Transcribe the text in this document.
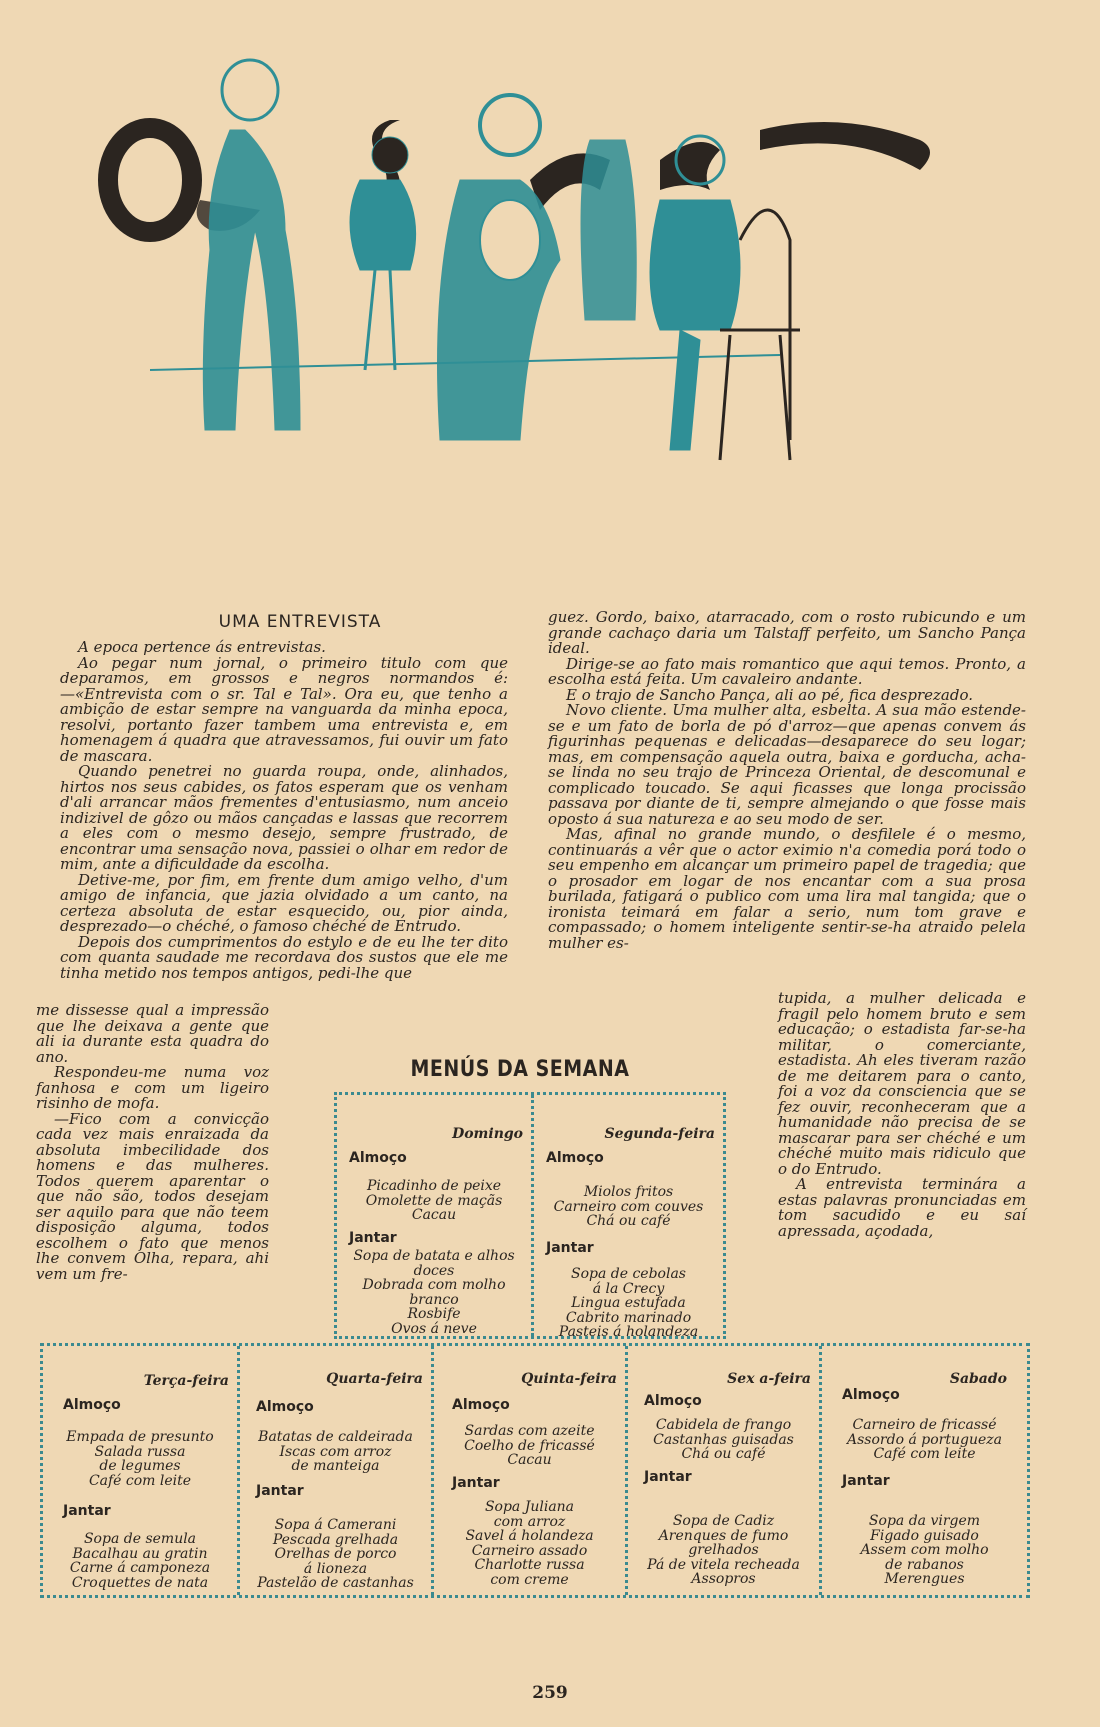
UMA ENTREVISTA

A epoca pertence ás entrevistas.

Ao pegar num jornal, o primeiro titulo com que deparamos, em grossos e negros normandos é:—«Entrevista com o sr. Tal e Tal». Ora eu, que tenho a ambição de estar sempre na vanguarda da minha epoca, resolvi, portanto fazer tambem uma entrevista e, em homenagem á quadra que atravessamos, fui ouvir um fato de mascara.

Quando penetrei no guarda roupa, onde, alinhados, hirtos nos seus cabides, os fatos esperam que os venham d'ali arrancar mãos frementes d'entusiasmo, num anceio indizivel de gôzo ou mãos cançadas e lassas que recorrem a eles com o mesmo desejo, sempre frustrado, de encontrar uma sensação nova, passiei o olhar em redor de mim, ante a dificuldade da escolha.

Detive-me, por fim, em frente dum amigo velho, d'um amigo de infancia, que jazia olvidado a um canto, na certeza absoluta de estar esquecido, ou, pior ainda, desprezado—o chéché, o famoso chéché de Entrudo.

Depois dos cumprimentos do estylo e de eu lhe ter dito com quanta saudade me recordava dos sustos que ele me tinha metido nos tempos antigos, pedi-lhe que

me dissesse qual a impressão que lhe deixava a gente que ali ia durante esta quadra do ano.

Respondeu-me numa voz fanhosa e com um ligeiro risinho de mofa.

—Fico com a convicção cada vez mais enraizada da absoluta imbecilidade dos homens e das mulheres. Todos querem aparentar o que não são, todos desejam ser aquilo para que não teem disposição alguma, todos escolhem o fato que menos lhe convem Olha, repara, ahi vem um fre-

guez. Gordo, baixo, atarracado, com o rosto rubicundo e um grande cachaço daria um Talstaff perfeito, um Sancho Pança ideal.

Dirige-se ao fato mais romantico que aqui temos. Pronto, a escolha está feita. Um cavaleiro andante.

E o trajo de Sancho Pança, ali ao pé, fica desprezado.

Novo cliente. Uma mulher alta, esbelta. A sua mão estende-se e um fato de borla de pó d'arroz—que apenas convem ás figurinhas pequenas e delicadas—desaparece do seu logar; mas, em compensação aquela outra, baixa e gorducha, acha-se linda no seu trajo de Princeza Oriental, de descomunal e complicado toucado. Se aqui ficasses que longa procissão passava por diante de ti, sempre almejando o que fosse mais oposto á sua natureza e ao seu modo de ser.

Mas, afinal no grande mundo, o desfilele é o mesmo, continuarás a vêr que o actor eximio n'a comedia porá todo o seu empenho em alcançar um primeiro papel de tragedia; que o prosador em logar de nos encantar com a sua prosa burilada, fatigará o publico com uma lira mal tangida; que o ironista teimará em falar a serio, num tom grave e compassado; o homem inteligente sentir-se-ha atraido pelela mulher es-

tupida, a mulher delicada e fragil pelo homem bruto e sem educação; o estadista far-se-ha militar, o comerciante, estadista. Ah eles tiveram razão de me deitarem para o canto, foi a voz da consciencia que se fez ouvir, reconheceram que a humanidade não precisa de se mascarar para ser chéché e um chéché muito mais ridiculo que o do Entrudo.

A entrevista terminára a estas palavras pronunciadas em tom sacudido e eu saí apressada, açodada,

MENÚS DA SEMANA
Domingo
Almoço
Picadinho de peixe
Omolette de maçãs
Cacau
Jantar
Sopa de batata e alhos
doces
Dobrada com molho
branco
Rosbife
Ovos á neve
Segunda-feira
Almoço
Miolos fritos
Carneiro com couves
Chá ou café
Jantar
Sopa de cebolas
á la Crecy
Lingua estufada
Cabrito marinado
Pasteis á holandeza
Terça-feira
Almoço
Empada de presunto
Salada russa
de legumes
Café com leite
Jantar
Sopa de semula
Bacalhau au gratin
Carne á camponeza
Croquettes de nata
Quarta-feira
Almoço
Batatas de caldeirada
Iscas com arroz
de manteiga
Jantar
Sopa á Camerani
Pescada grelhada
Orelhas de porco
á lioneza
Pastelão de castanhas
Quinta-feira
Almoço
Sardas com azeite
Coelho de fricassé
Cacau
Jantar
Sopa Juliana
com arroz
Savel á holandeza
Carneiro assado
Charlotte russa
com creme
Sex a-feira
Almoço
Cabidela de frango
Castanhas guisadas
Chá ou café
Jantar
Sopa de Cadiz
Arenques de fumo
grelhados
Pá de vitela recheada
Assopros
Sabado
Almoço
Carneiro de fricassé
Assordo á portugueza
Café com leite
Jantar
Sopa da virgem
Figado guisado
Assem com molho
de rabanos
Merengues
259
